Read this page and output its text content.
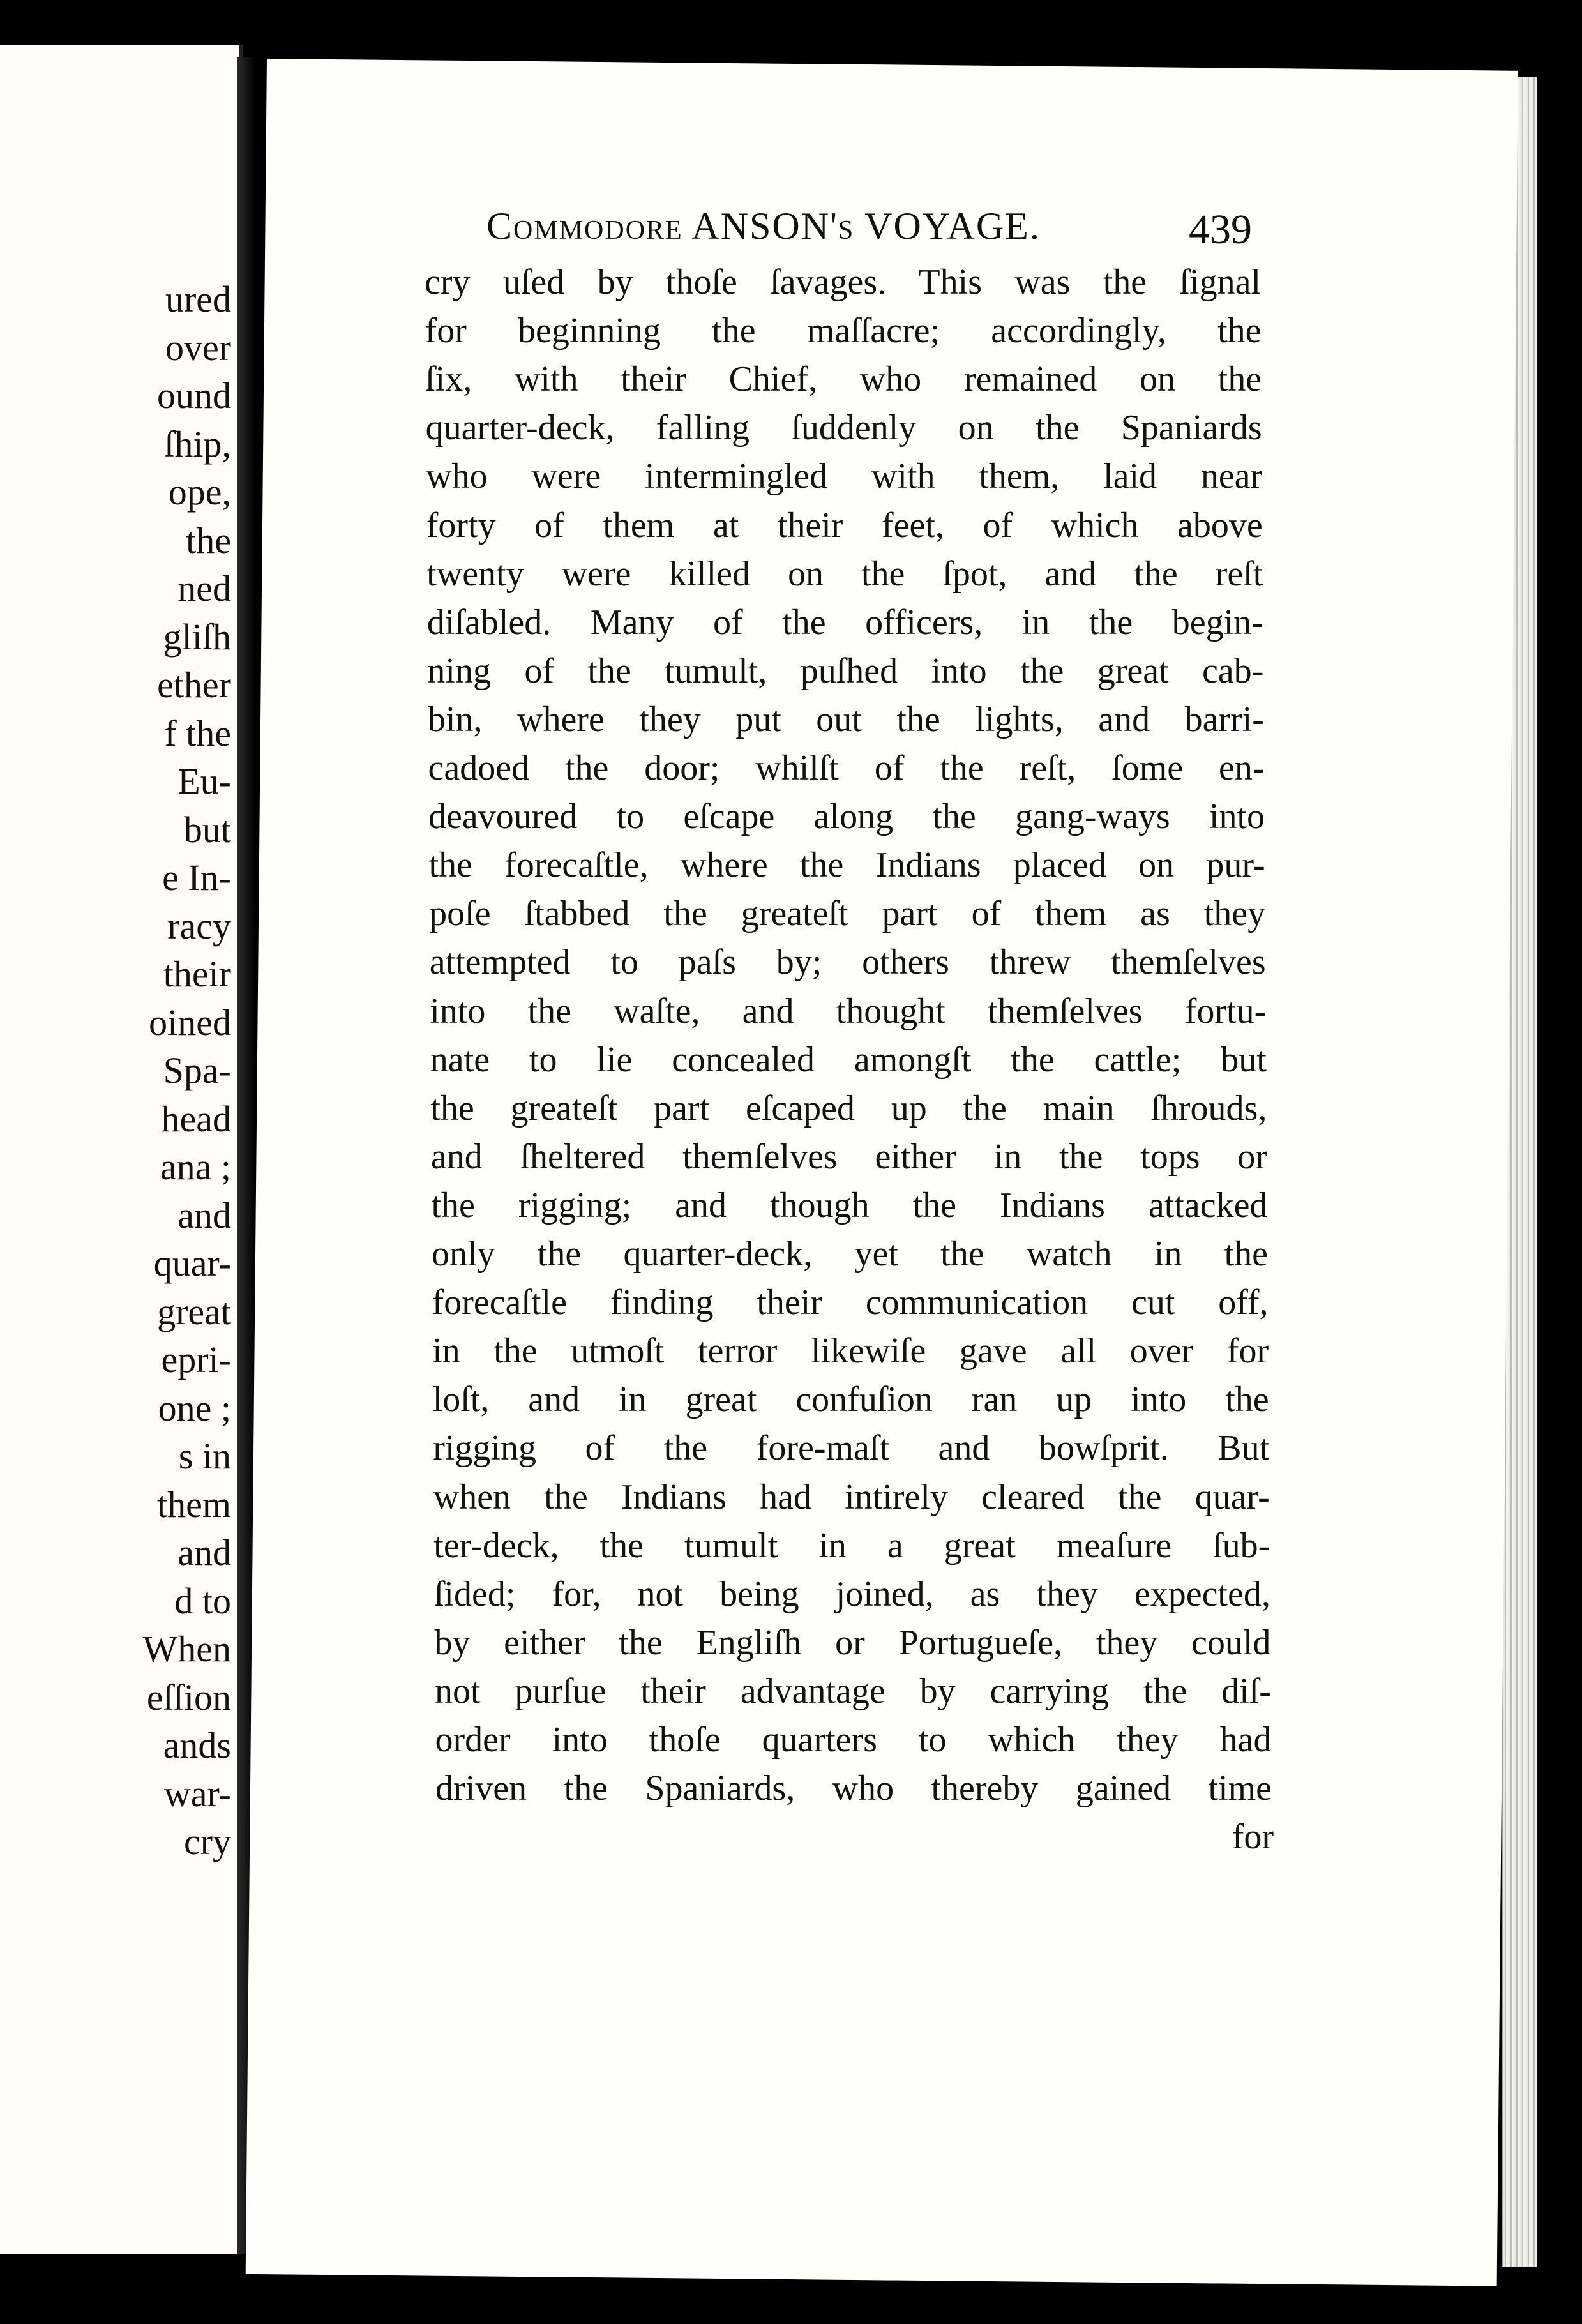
ured
over
ound
ſhip,
ope,
the
ned
gliſh
ether
f the
Eu-
but
e In-
racy
their
oined
Spa-
head
ana ;
and
quar-
great
epri-
one ;
s in
them
and
d to
When
eſſion
ands
war-
cry
Commodore ANSON's VOYAGE.	439
cry uſed by thoſe ſavages. This was the ſignal
for beginning the maſſacre; accordingly, the
ſix, with their Chief, who remained on the
quarter-deck, falling ſuddenly on the Spaniards
who were intermingled with them, laid near
forty of them at their feet, of which above
twenty were killed on the ſpot, and the reſt
diſabled. Many of the officers, in the begin-
ning of the tumult, puſhed into the great cab-
bin, where they put out the lights, and barri-
cadoed the door; whilſt of the reſt, ſome en-
deavoured to eſcape along the gang-ways into
the forecaſtle, where the Indians placed on pur-
poſe ſtabbed the greateſt part of them as they
attempted to paſs by; others threw themſelves
into the waſte, and thought themſelves fortu-
nate to lie concealed amongſt the cattle; but
the greateſt part eſcaped up the main ſhrouds,
and ſheltered themſelves either in the tops or
the rigging; and though the Indians attacked
only the quarter-deck, yet the watch in the
forecaſtle finding their communication cut off,
in the utmoſt terror likewiſe gave all over for
loſt, and in great confuſion ran up into the
rigging of the fore-maſt and bowſprit. But
when the Indians had intirely cleared the quar-
ter-deck, the tumult in a great meaſure ſub-
ſided; for, not being joined, as they expected,
by either the Engliſh or Portugueſe, they could
not purſue their advantage by carrying the diſ-
order into thoſe quarters to which they had
driven the Spaniards, who thereby gained time
for
